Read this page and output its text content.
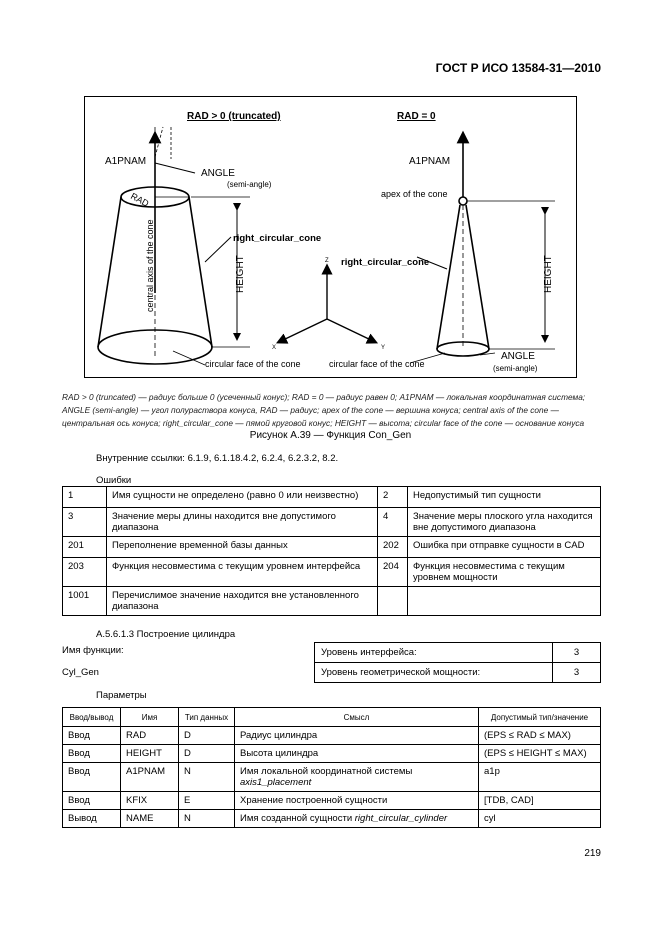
ГОСТ Р ИСО 13584-31—2010
RAD > 0 (truncated)	RAD = 0
A1PNAM
RAD
central axis of the cone
ANGLE
(semi-angle)
HEIGHT
right_circular_cone
circular face of the cone
Z
X	Y
A1PNAM
apex of the cone
right_circular_cone	HEIGHT
circular face of the cone
ANGLE
(semi-angle)
RAD > 0 (truncated) — радиус больше 0 (усеченный конус); RAD = 0 — радиус равен 0; A1PNAM — локальная координатная система; ANGLE (semi-angle) — угол полураствора конуса, RAD — радиус; apex of the cone — вершина конуса; central axis of the cone — центральная ось конуса; right_circular_cone — пямой круговой конус; HEIGHT — высота; circular face of the cone — основание конуса
Рисунок А.39 — Функция Con_Gen
Внутренние ссылки: 6.1.9, 6.1.18.4.2, 6.2.4, 6.2.3.2, 8.2.
Ошибки
1	Имя сущности не определено (равно 0 или неизвестно)	2	Недопустимый тип сущности
3	Значение меры длины находится вне допустимого диапазона	4	Значение меры плоского угла находится вне допустимого диапазона
201	Переполнение временной базы данных	202	Ошибка при отправке сущности в CAD
203	Функция несовместима с текущим уровнем интерфейса	204	Функция несовместима с текущим уровнем мощности
1001	Перечислимое значение находится вне установленного диапазона		
А.5.6.1.3 Построение цилиндра
Имя функции:
Cyl_Gen
Уровень интерфейса:	3
Уровень геометрической мощности:	3
Параметры
Ввод/вывод	Имя	Тип данных	Смысл	Допустимый тип/значение
Ввод	RAD	D	Радиус цилиндра	(EPS ≤ RAD ≤ MAX)
Ввод	HEIGHT	D	Высота цилиндра	(EPS ≤ HEIGHT ≤ MAX)
Ввод	A1PNAM	N	Имя локальной координатной системы axis1_placement	a1p
Ввод	KFIX	E	Хранение построенной сущности	[TDB, CAD]
Вывод	NAME	N	Имя созданной сущности right_circular_cylinder	cyl
219
